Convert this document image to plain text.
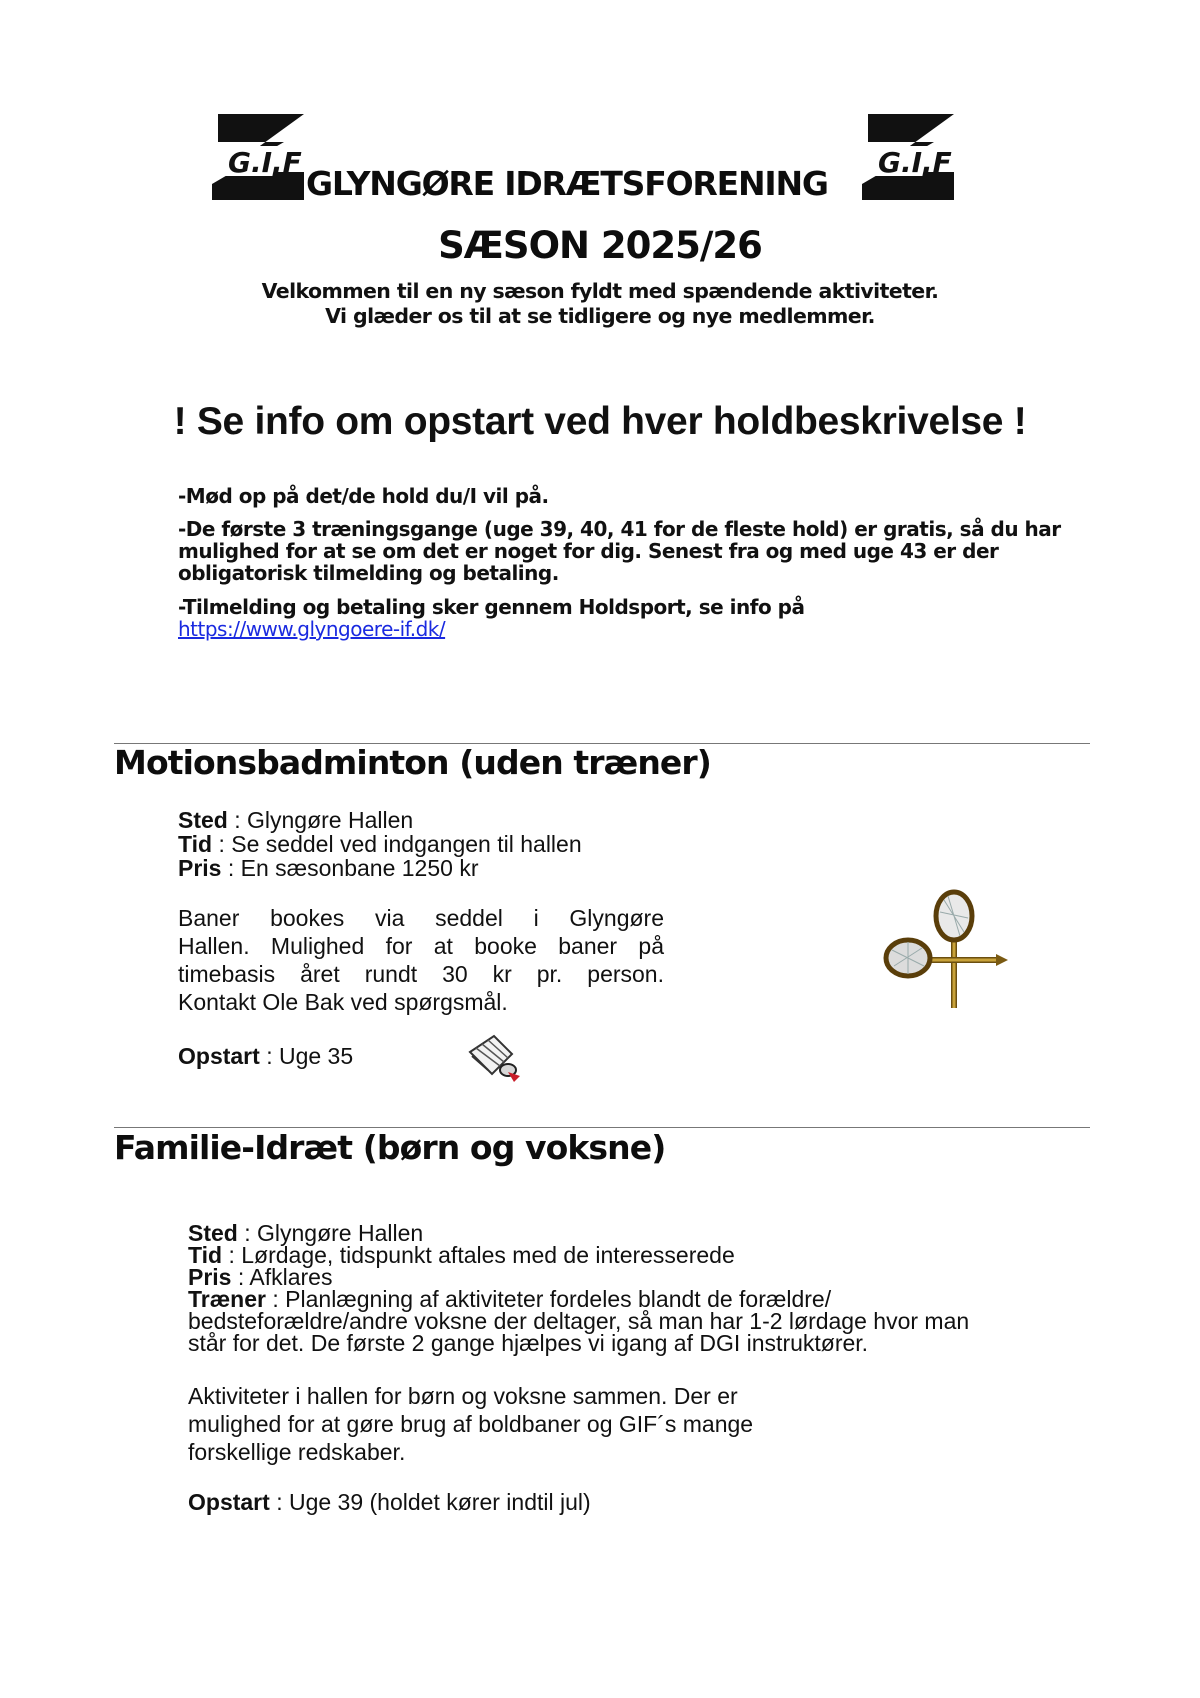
G.I.F	G.I.F
GLYNGØRE IDRÆTSFORENING
SÆSON 2025/26
Velkommen til en ny sæson fyldt med spændende aktiviteter.
Vi glæder os til at se tidligere og nye medlemmer.
! Se info om opstart ved hver holdbeskrivelse !
-Mød op på det/de hold du/I vil på.
-De første 3 træningsgange (uge 39, 40, 41 for de fleste hold) er gratis, så du har mulighed for at se om det er noget for dig. Senest fra og med uge 43 er der obligatorisk tilmelding og betaling.
-Tilmelding og betaling sker gennem Holdsport, se info på https://www.glyngoere-if.dk/
Motionsbadminton (uden træner)
Sted : Glyngøre Hallen
Tid : Se seddel ved indgangen til hallen
Pris : En sæsonbane 1250 kr
Baner bookes via seddel i Glyngøre
Hallen. Mulighed for at booke baner på
timebasis året rundt 30 kr pr. person.
Kontakt Ole Bak ved spørgsmål.
Opstart : Uge 35
Familie-Idræt (børn og voksne)
Sted : Glyngøre Hallen
Tid : Lørdage, tidspunkt aftales med de interesserede
Pris : Afklares
Træner : Planlægning af aktiviteter fordeles blandt de forældre/
bedsteforældre/andre voksne der deltager, så man har 1-2 lørdage hvor man
står for det. De første 2 gange hjælpes vi igang af DGI instruktører.
Aktiviteter i hallen for børn og voksne sammen. Der er
mulighed for at gøre brug af boldbaner og GIF´s mange
forskellige redskaber.
Opstart : Uge 39 (holdet kører indtil jul)
